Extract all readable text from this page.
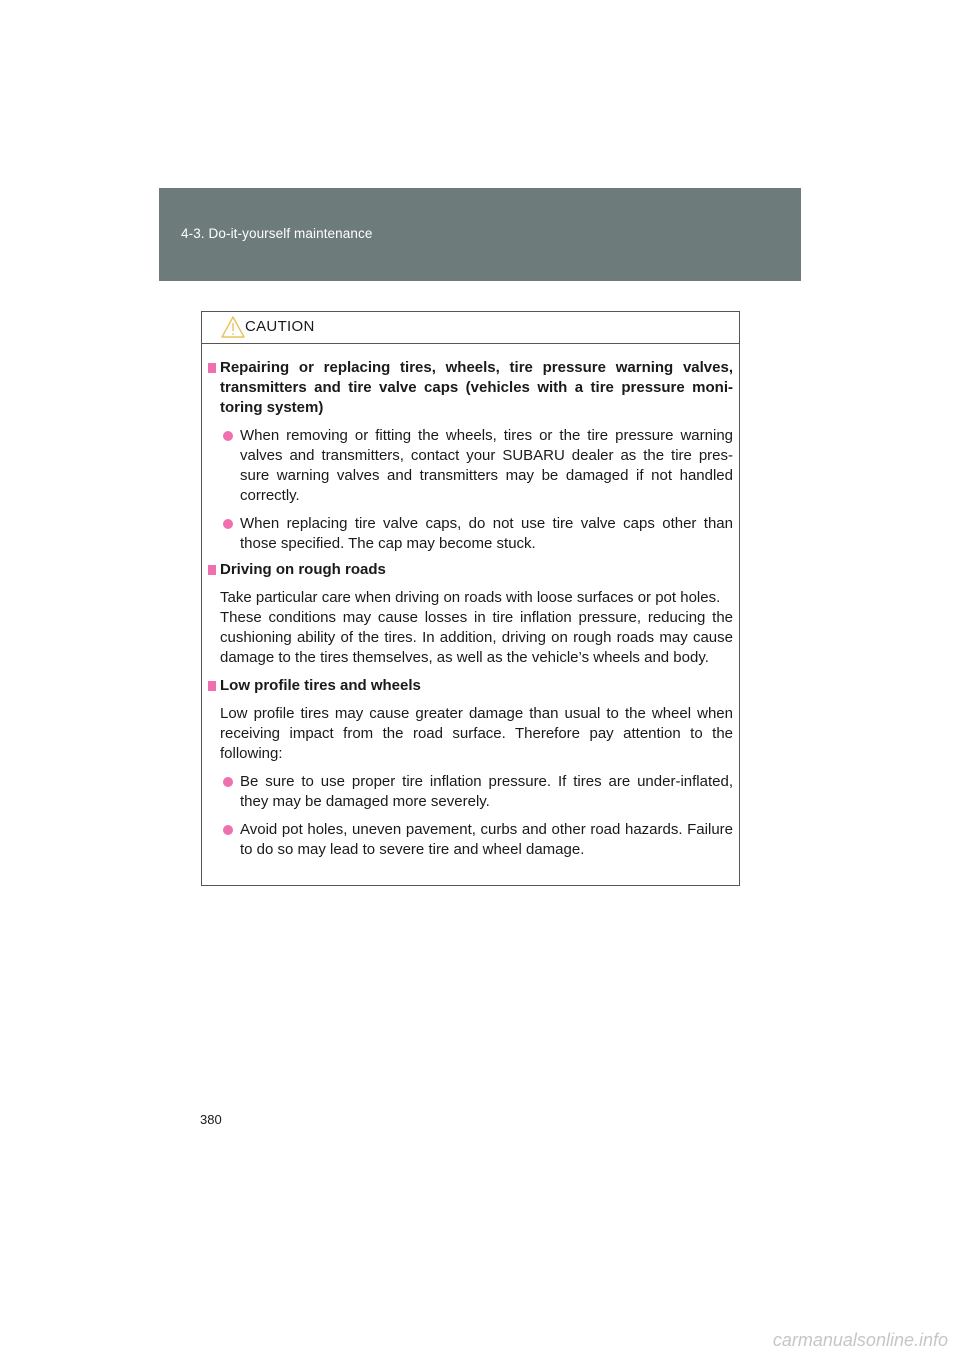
4-3. Do-it-yourself maintenance
CAUTION
Repairing or replacing tires, wheels, tire pressure warning valves, transmitters and tire valve caps (vehicles with a tire pressure moni-toring system)
When removing or fitting the wheels, tires or the tire pressure warning valves and transmitters, contact your SUBARU dealer as the tire pres-sure warning valves and transmitters may be damaged if not handled correctly.
When replacing tire valve caps, do not use tire valve caps other than those specified. The cap may become stuck.
Driving on rough roads
Take particular care when driving on roads with loose surfaces or pot holes.
These conditions may cause losses in tire inflation pressure, reducing the cushioning ability of the tires. In addition, driving on rough roads may cause damage to the tires themselves, as well as the vehicle’s wheels and body.
Low profile tires and wheels
Low profile tires may cause greater damage than usual to the wheel when receiving impact from the road surface. Therefore pay attention to the following:
Be sure to use proper tire inflation pressure. If tires are under-inflated, they may be damaged more severely.
Avoid pot holes, uneven pavement, curbs and other road hazards. Failure to do so may lead to severe tire and wheel damage.
380
carmanualsonline.info
